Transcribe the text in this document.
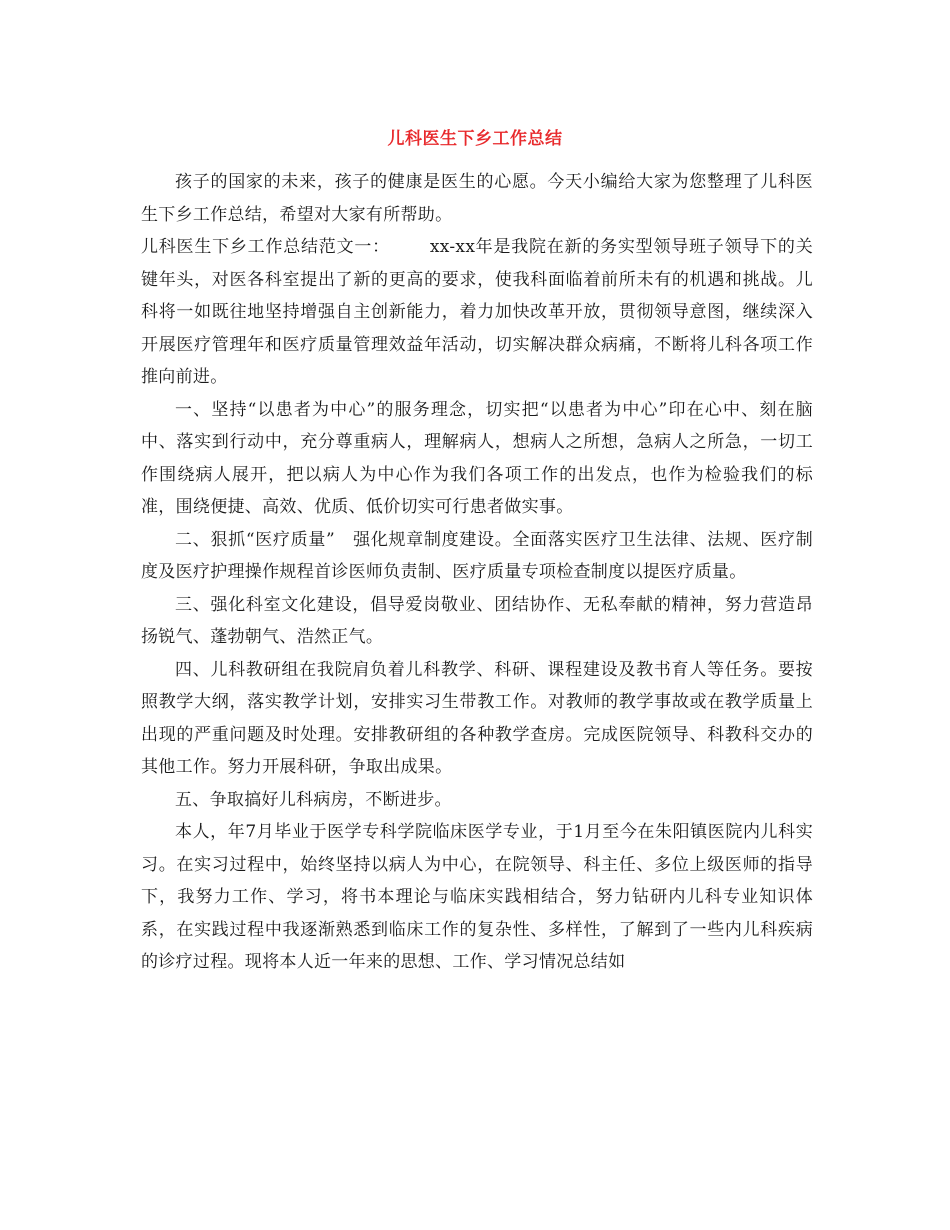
儿科医生下乡工作总结

孩子的国家的未来，孩子的健康是医生的心愿。今天小编给大家为您整理了儿科医生下乡工作总结，希望对大家有所帮助。

儿科医生下乡工作总结范文一： xx-xx年是我院在新的务实型领导班子领导下的关键年头，对医各科室提出了新的更高的要求，使我科面临着前所未有的机遇和挑战。儿科将一如既往地坚持增强自主创新能力，着力加快改革开放，贯彻领导意图，继续深入开展医疗管理年和医疗质量管理效益年活动，切实解决群众病痛，不断将儿科各项工作推向前进。

一、坚持“以患者为中心”的服务理念，切实把“以患者为中心”印在心中、刻在脑中、落实到行动中，充分尊重病人，理解病人，想病人之所想，急病人之所急，一切工作围绕病人展开，把以病人为中心作为我们各项工作的出发点，也作为检验我们的标准，围绕便捷、高效、优质、低价切实可行患者做实事。

二、狠抓“医疗质量”　强化规章制度建设。全面落实医疗卫生法律、法规、医疗制度及医疗护理操作规程首诊医师负责制、医疗质量专项检查制度以提医疗质量。

三、强化科室文化建设，倡导爱岗敬业、团结协作、无私奉献的精神，努力营造昂扬锐气、蓬勃朝气、浩然正气。

四、儿科教研组在我院肩负着儿科教学、科研、课程建设及教书育人等任务。要按照教学大纲，落实教学计划，安排实习生带教工作。对教师的教学事故或在教学质量上出现的严重问题及时处理。安排教研组的各种教学查房。完成医院领导、科教科交办的其他工作。努力开展科研，争取出成果。

五、争取搞好儿科病房，不断进步。

本人，年7月毕业于医学专科学院临床医学专业，于1月至今在朱阳镇医院内儿科实习。在实习过程中，始终坚持以病人为中心，在院领导、科主任、多位上级医师的指导下，我努力工作、学习，将书本理论与临床实践相结合，努力钻研内儿科专业知识体系，在实践过程中我逐渐熟悉到临床工作的复杂性、多样性，了解到了一些内儿科疾病的诊疗过程。现将本人近一年来的思想、工作、学习情况总结如
